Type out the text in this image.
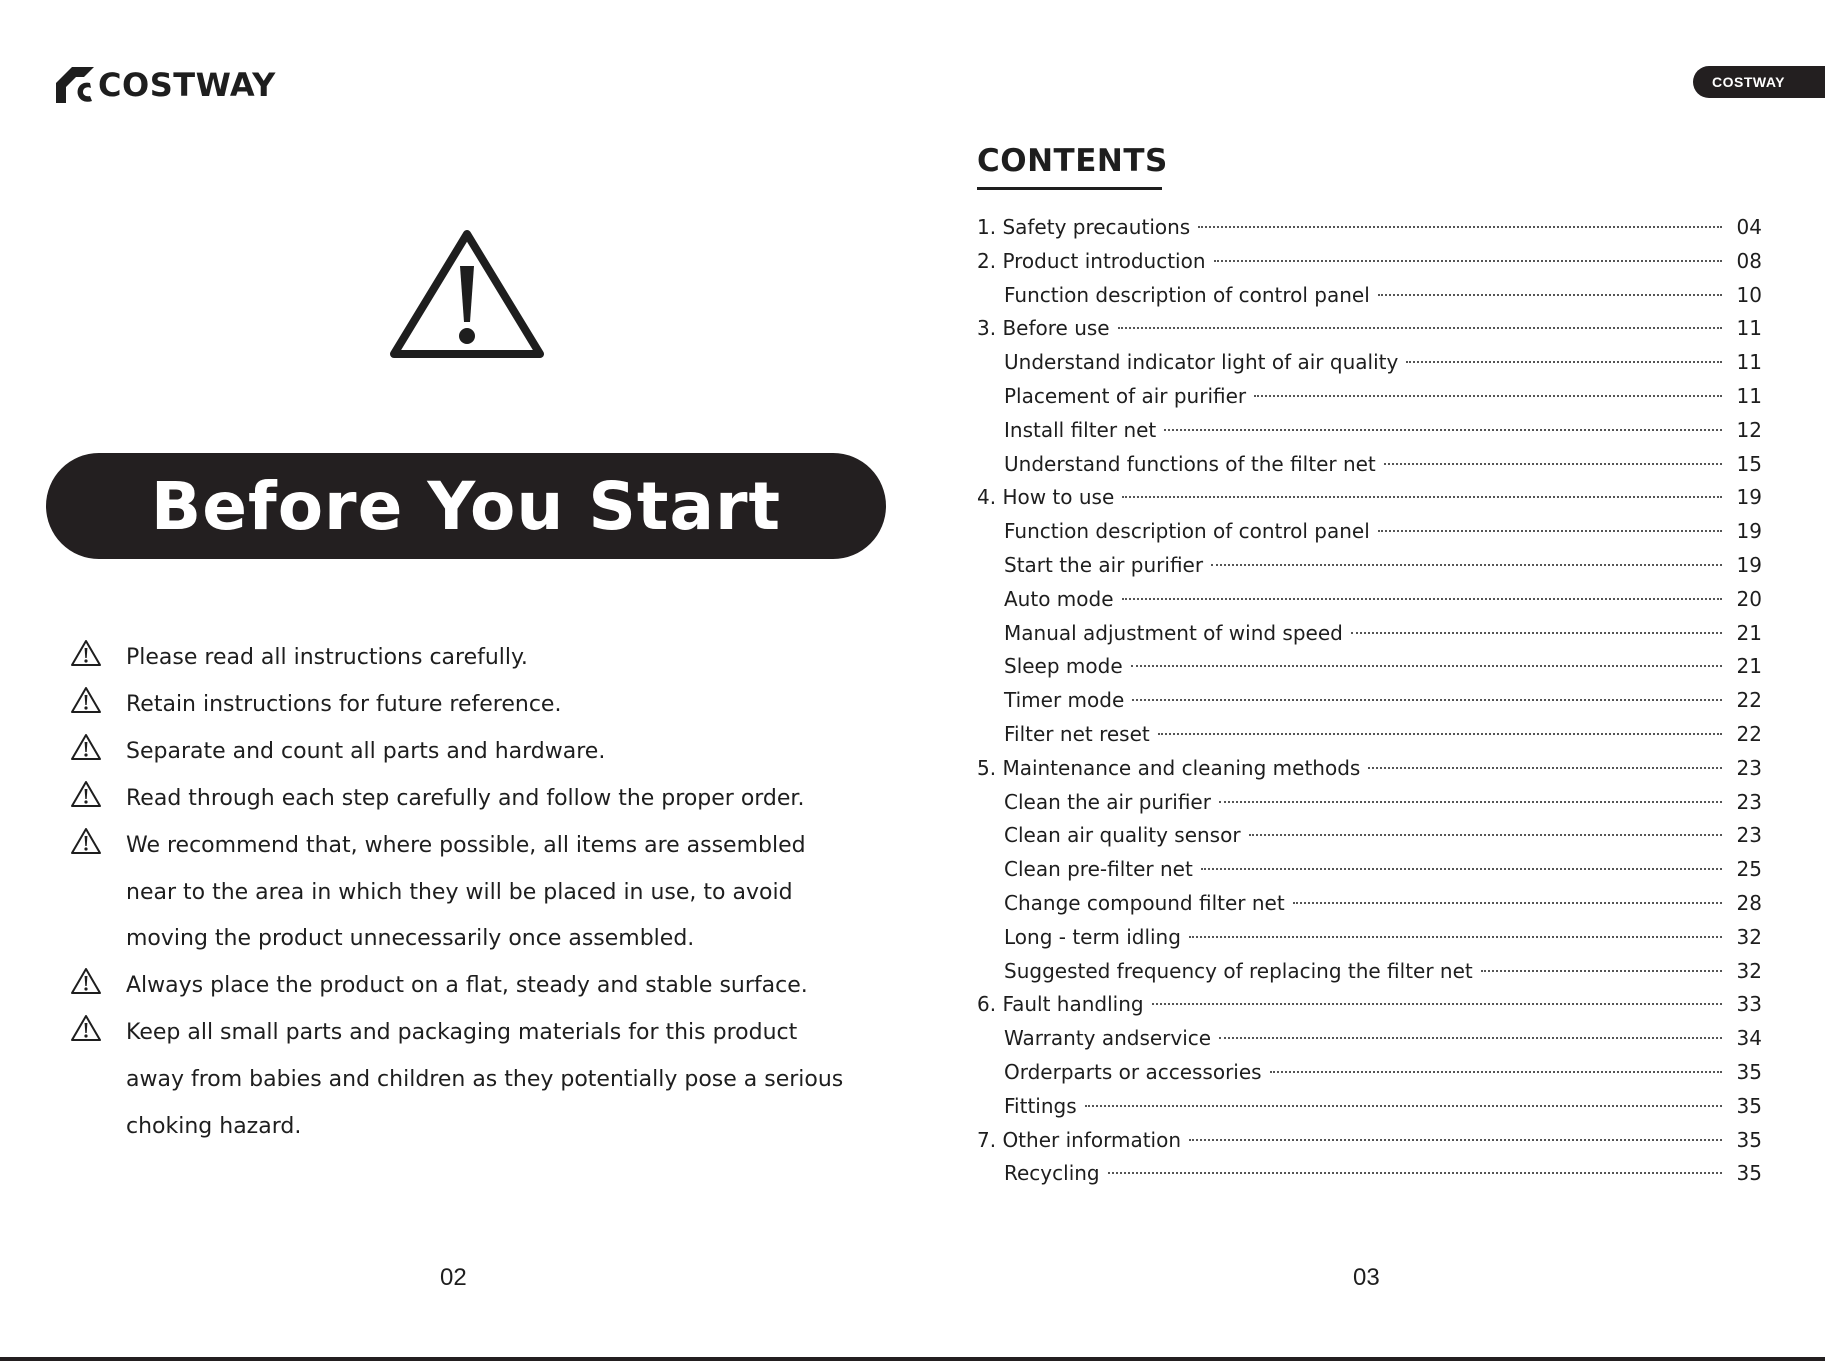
COSTWAY	COSTWAY
Before You Start
Please read all instructions carefully.
Retain instructions for future reference.
Separate and count all parts and hardware.
Read through each step carefully and follow the proper order.
We recommend that, where possible, all items are assembled
near to the area in which they will be placed in use, to avoid
moving the product unnecessarily once assembled.
Always place the product on a flat, steady and stable surface.
Keep all small parts and packaging materials for this product
away from babies and children as they potentially pose a serious
choking hazard.
CONTENTS
1. Safety precautions	04
2. Product introduction	08
Function description of control panel	10
3. Before use	11
Understand indicator light of air quality	11
Placement of air purifier	11
Install filter net	12
Understand functions of the filter net	15
4. How to use	19
Function description of control panel	19
Start the air purifier	19
Auto mode	20
Manual adjustment of wind speed	21
Sleep mode	21
Timer mode	22
Filter net reset	22
5. Maintenance and cleaning methods	23
Clean the air purifier	23
Clean air quality sensor	23
Clean pre-filter net	25
Change compound filter net	28
Long - term idling	32
Suggested frequency of replacing the filter net	32
6. Fault handling	33
Warranty andservice	34
Orderparts or accessories	35
Fittings	35
7. Other information	35
Recycling	35
02	03
